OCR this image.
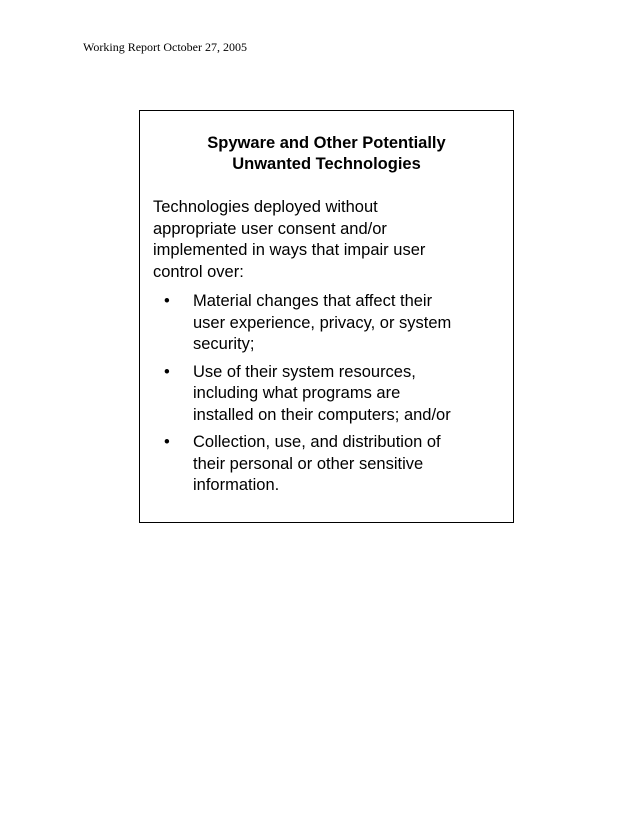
Working Report October 27, 2005
Spyware and Other Potentially
Unwanted Technologies
Technologies deployed without
appropriate user consent and/or
implemented in ways that impair user
control over:
• Material changes that affect their
user experience, privacy, or system
security;
• Use of their system resources,
including what programs are
installed on their computers; and/or
• Collection, use, and distribution of
their personal or other sensitive
information.
